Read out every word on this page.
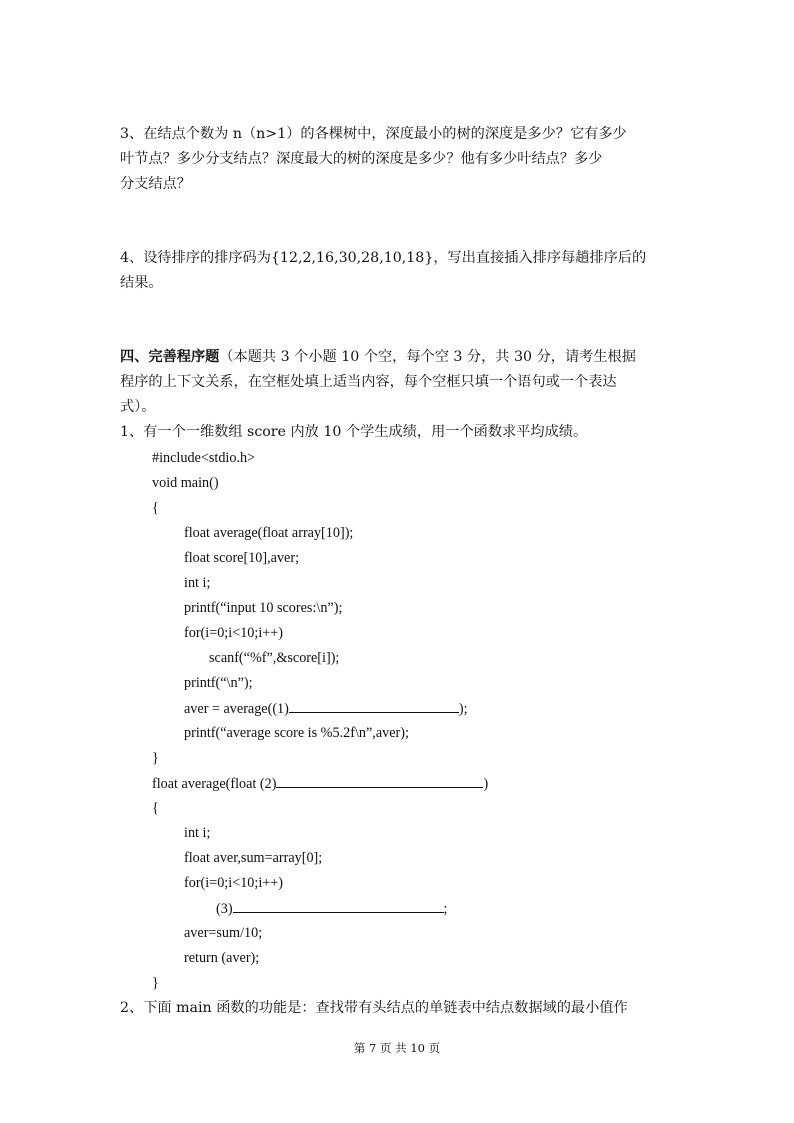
3、在结点个数为 n（n>1）的各棵树中，深度最小的树的深度是多少？它有多少
叶节点？多少分支结点？深度最大的树的深度是多少？他有多少叶结点？多少
分支结点？
4、设待排序的排序码为{12,2,16,30,28,10,18}，写出直接插入排序每趟排序后的
结果。
四、完善程序题（本题共 3 个小题 10 个空，每个空 3 分，共 30 分，请考生根据
程序的上下文关系，在空框处填上适当内容，每个空框只填一个语句或一个表达
式）。
1、有一个一维数组 score 内放 10 个学生成绩，用一个函数求平均成绩。
#include<stdio.h>
void main()
{
float average(float array[10]);
float score[10],aver;
int i;
printf(“input 10 scores:\n”);
for(i=0;i<10;i++)
scanf(“%f”,&score[i]);
printf(“\n”);
aver = average((1)	);
printf(“average score is %5.2f\n”,aver);
}
float average(float (2)	)
{
int i;
float aver,sum=array[0];
for(i=0;i<10;i++)
(3)	;
aver=sum/10;
return (aver);
}
2、下面 main 函数的功能是：查找带有头结点的单链表中结点数据域的最小值作
第 7 页 共 10 页
